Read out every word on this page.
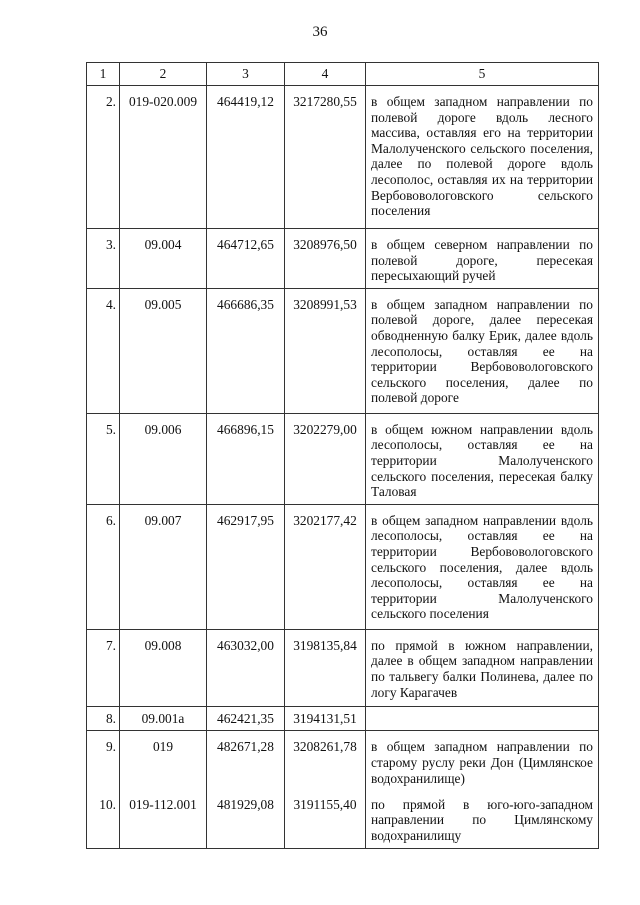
36
1	2	3	4	5
2.	019-020.009	464419,12	3217280,55	в общем западном направлении по полевой дороге вдоль лесного массива, оставляя его на территории Малолученского сельского поселения, далее по полевой дороге вдоль лесополос, оставляя их на территории Вербововологовского сельского поселения
3.	09.004	464712,65	3208976,50	в общем северном направлении по полевой дороге, пересекая пересыхающий ручей
4.	09.005	466686,35	3208991,53	в общем западном направлении по полевой дороге, далее пересекая обводненную балку Ерик, далее вдоль лесополосы, оставляя ее на территории Вербововологовского сельского поселения, далее по полевой дороге
5.	09.006	466896,15	3202279,00	в общем южном направлении вдоль лесополосы, оставляя ее на территории Малолученского сельского поселения, пересекая балку Таловая
6.	09.007	462917,95	3202177,42	в общем западном направлении вдоль лесополосы, оставляя ее на территории Вербововологовского сельского поселения, далее вдоль лесополосы, оставляя ее на территории Малолученского сельского поселения
7.	09.008	463032,00	3198135,84	по прямой в южном направлении, далее в общем западном направлении по тальвегу балки Полинева, далее по логу Карагачев
8.	09.001а	462421,35	3194131,51	
9.	019	482671,28	3208261,78	в общем западном направлении по старому руслу реки Дон (Цимлянское водохранилище)
10.	019-112.001	481929,08	3191155,40	по прямой в юго-юго-западном направлении по Цимлянскому водохранилищу
